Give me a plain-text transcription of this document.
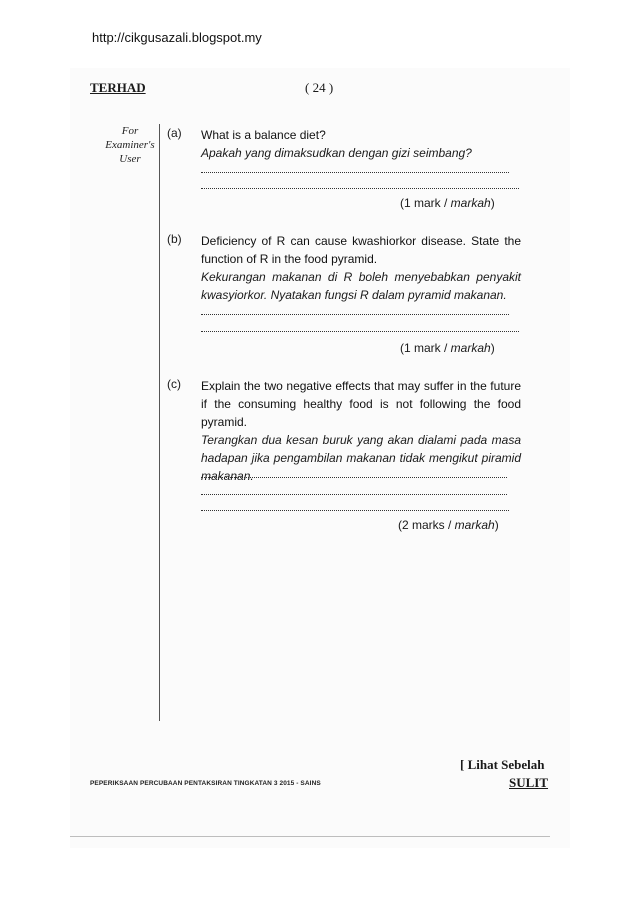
http://cikgusazali.blogspot.my
TERHAD	( 24 )
For
Examiner's
User
(a) What is a balance diet?

Apakah yang dimaksudkan dengan gizi seimbang?

(1 mark / markah)
(b) Deficiency of R can cause kwashiorkor disease. State the function of R in the food pyramid.

Kekurangan makanan di R boleh menyebabkan penyakit kwasyiorkor. Nyatakan fungsi R dalam pyramid makanan.

(1 mark / markah)
(c) Explain the two negative effects that may suffer in the future if the consuming healthy food is not following the food pyramid.

Terangkan dua kesan buruk yang akan dialami pada masa hadapan jika pengambilan makanan tidak mengikut piramid makanan.

(2 marks / markah)
[ Lihat Sebelah
SULIT
PEPERIKSAAN PERCUBAAN PENTAKSIRAN TINGKATAN 3 2015 - SAINS
